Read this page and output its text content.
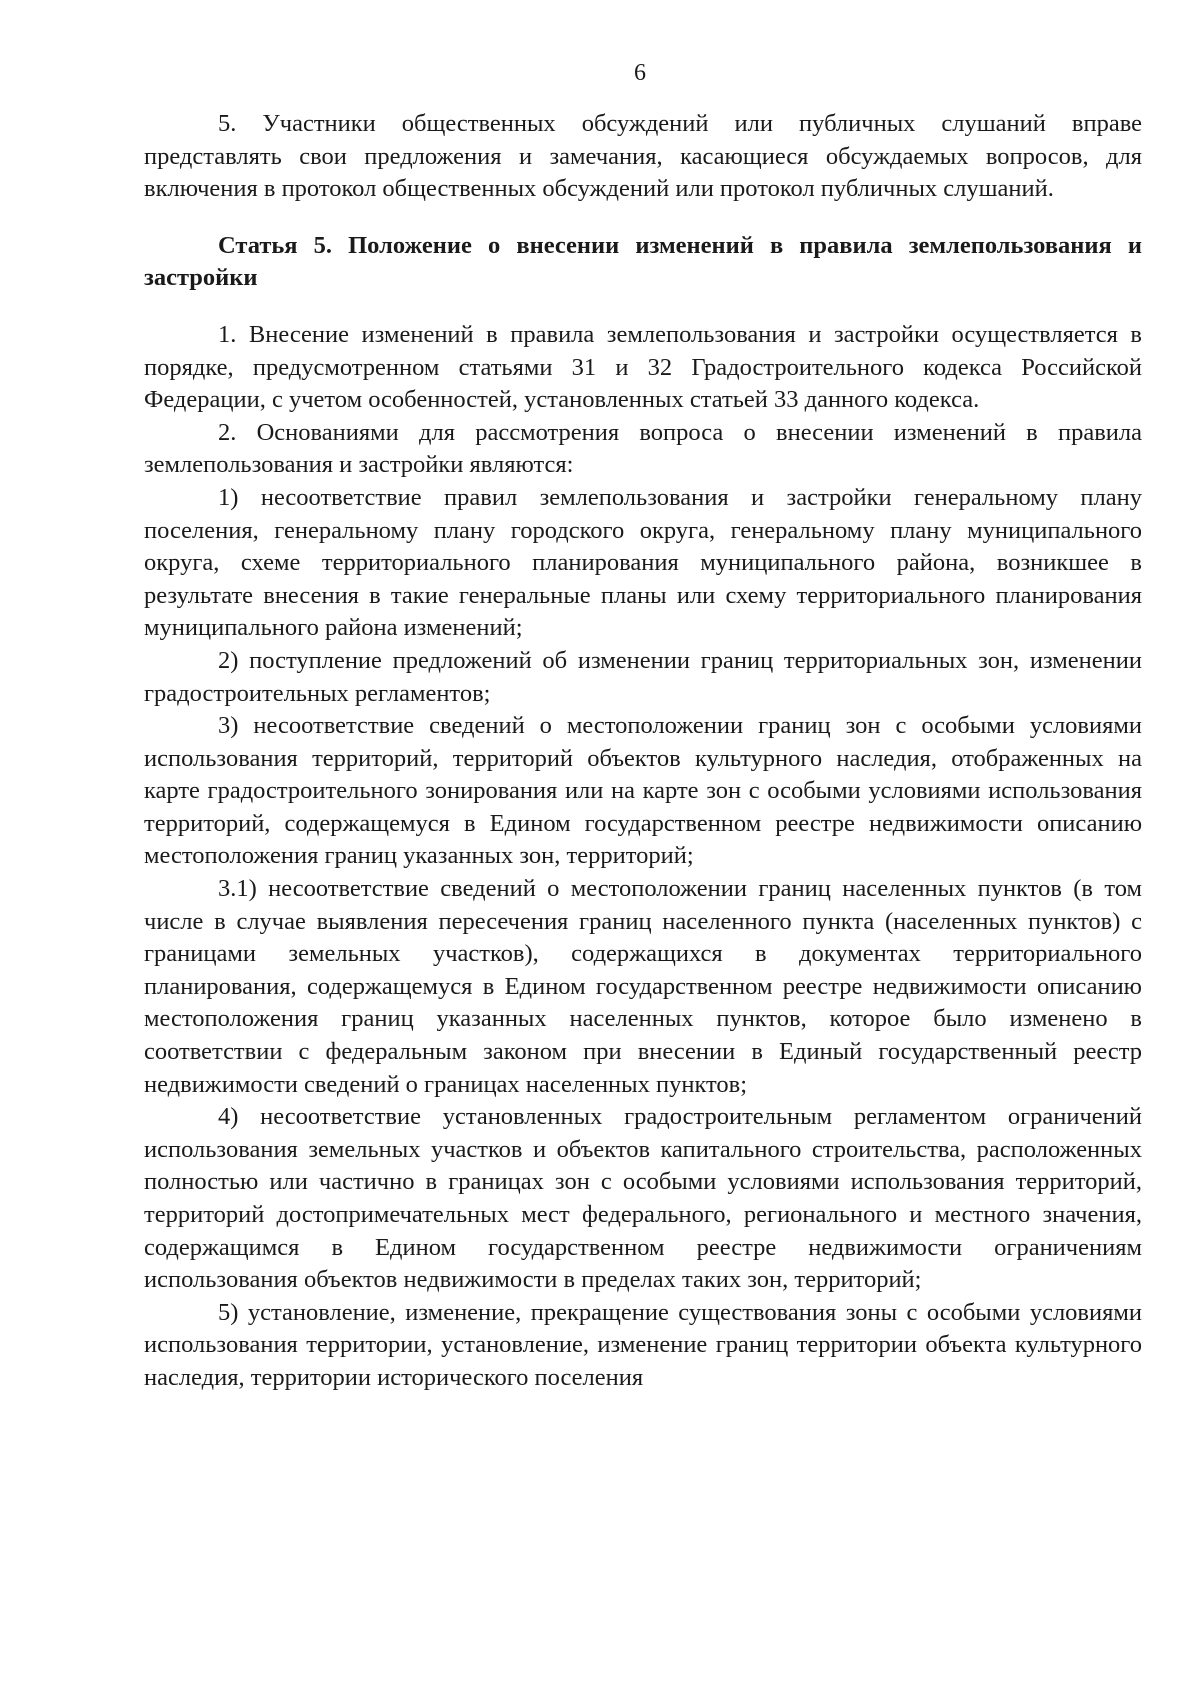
6

5. Участники общественных обсуждений или публичных слушаний вправе представлять свои предложения и замечания, касающиеся обсуждаемых вопросов, для включения в протокол общественных обсуждений или протокол публичных слушаний.

Статья 5. Положение о внесении изменений в правила землепользования и застройки

1. Внесение изменений в правила землепользования и застройки осуществляется в порядке, предусмотренном статьями 31 и 32 Градостроительного кодекса Российской Федерации, с учетом особенностей, установленных статьей 33 данного кодекса.

2. Основаниями для рассмотрения вопроса о внесении изменений в правила землепользования и застройки являются:

1) несоответствие правил землепользования и застройки генеральному плану поселения, генеральному плану городского округа, генеральному плану муниципального округа, схеме территориального планирования муниципального района, возникшее в результате внесения в такие генеральные планы или схему территориального планирования муниципального района изменений;

2) поступление предложений об изменении границ территориальных зон, изменении градостроительных регламентов;

3) несоответствие сведений о местоположении границ зон с особыми условиями использования территорий, территорий объектов культурного наследия, отображенных на карте градостроительного зонирования или на карте зон с особыми условиями использования территорий, содержащемуся в Едином государственном реестре недвижимости описанию местоположения границ указанных зон, территорий;

3.1) несоответствие сведений о местоположении границ населенных пунктов (в том числе в случае выявления пересечения границ населенного пункта (населенных пунктов) с границами земельных участков), содержащихся в документах территориального планирования, содержащемуся в Едином государственном реестре недвижимости описанию местоположения границ указанных населенных пунктов, которое было изменено в соответствии с федеральным законом при внесении в Единый государственный реестр недвижимости сведений о границах населенных пунктов;

4) несоответствие установленных градостроительным регламентом ограничений использования земельных участков и объектов капитального строительства, расположенных полностью или частично в границах зон с особыми условиями использования территорий, территорий достопримечательных мест федерального, регионального и местного значения, содержащимся в Едином государственном реестре недвижимости ограничениям использования объектов недвижимости в пределах таких зон, территорий;

5) установление, изменение, прекращение существования зоны с особыми условиями использования территории, установление, изменение границ территории объекта культурного наследия, территории исторического поселения
